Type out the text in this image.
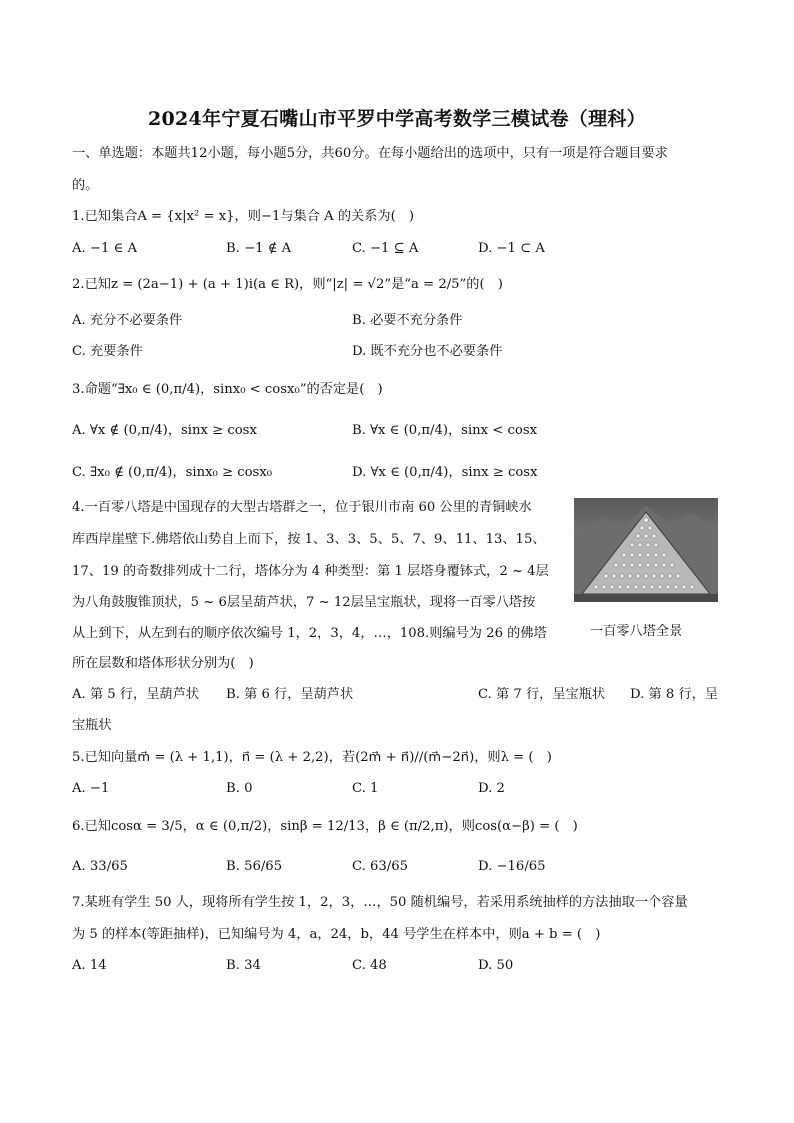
2024年宁夏石嘴山市平罗中学高考数学三模试卷（理科）
一、单选题：本题共12小题，每小题5分，共60分。在每小题给出的选项中，只有一项是符合题目要求
的。
1.已知集合A = {x|x² = x}，则−1与集合 A 的关系为(　)
A. −1 ∈ A	B. −1 ∉ A	C. −1 ⊆ A	D. −1 ⊂ A
2.已知z = (2a−1) + (a + 1)i(a ∈ R)，则“|z| = √2”是“a = 2/5”的(　)
A. 充分不必要条件	B. 必要不充分条件
C. 充要条件	D. 既不充分也不必要条件
3.命题“∃x₀ ∈ (0,π/4)，sinx₀ < cosx₀”的否定是(　)
A. ∀x ∉ (0,π/4)，sinx ≥ cosx	B. ∀x ∈ (0,π/4)，sinx < cosx
C. ∃x₀ ∉ (0,π/4)，sinx₀ ≥ cosx₀	D. ∀x ∈ (0,π/4)，sinx ≥ cosx
4.一百零八塔是中国现存的大型古塔群之一，位于银川市南 60 公里的青铜峡水
库西岸崖壁下.佛塔依山势自上而下，按 1、3、3、5、5、7、9、11、13、15、
17、19 的奇数排列成十二行，塔体分为 4 种类型：第 1 层塔身覆钵式，2 ~ 4层
为八角鼓腹锥顶状，5 ~ 6层呈葫芦状，7 ~ 12层呈宝瓶状，现将一百零八塔按
从上到下，从左到右的顺序依次编号 1，2，3，4，…，108.则编号为 26 的佛塔
所在层数和塔体形状分别为(　)
一百零八塔全景
A. 第 5 行，呈葫芦状 B. 第 6 行，呈葫芦状	C. 第 7 行，呈宝瓶状 D. 第 8 行，呈
宝瓶状
5.已知向量m⃗ = (λ + 1,1)，n⃗ = (λ + 2,2)，若(2m⃗ + n⃗)//(m⃗−2n⃗)，则λ = (　)
A. −1	B. 0	C. 1	D. 2
6.已知cosα = 3/5，α ∈ (0,π/2)，sinβ = 12/13，β ∈ (π/2,π)，则cos(α−β) = (　)
A. 33/65	B. 56/65	C. 63/65	D. −16/65
7.某班有学生 50 人，现将所有学生按 1，2，3，…，50 随机编号，若采用系统抽样的方法抽取一个容量
为 5 的样本(等距抽样)，已知编号为 4，a，24，b，44 号学生在样本中，则a + b = (　)
A. 14	B. 34	C. 48	D. 50
